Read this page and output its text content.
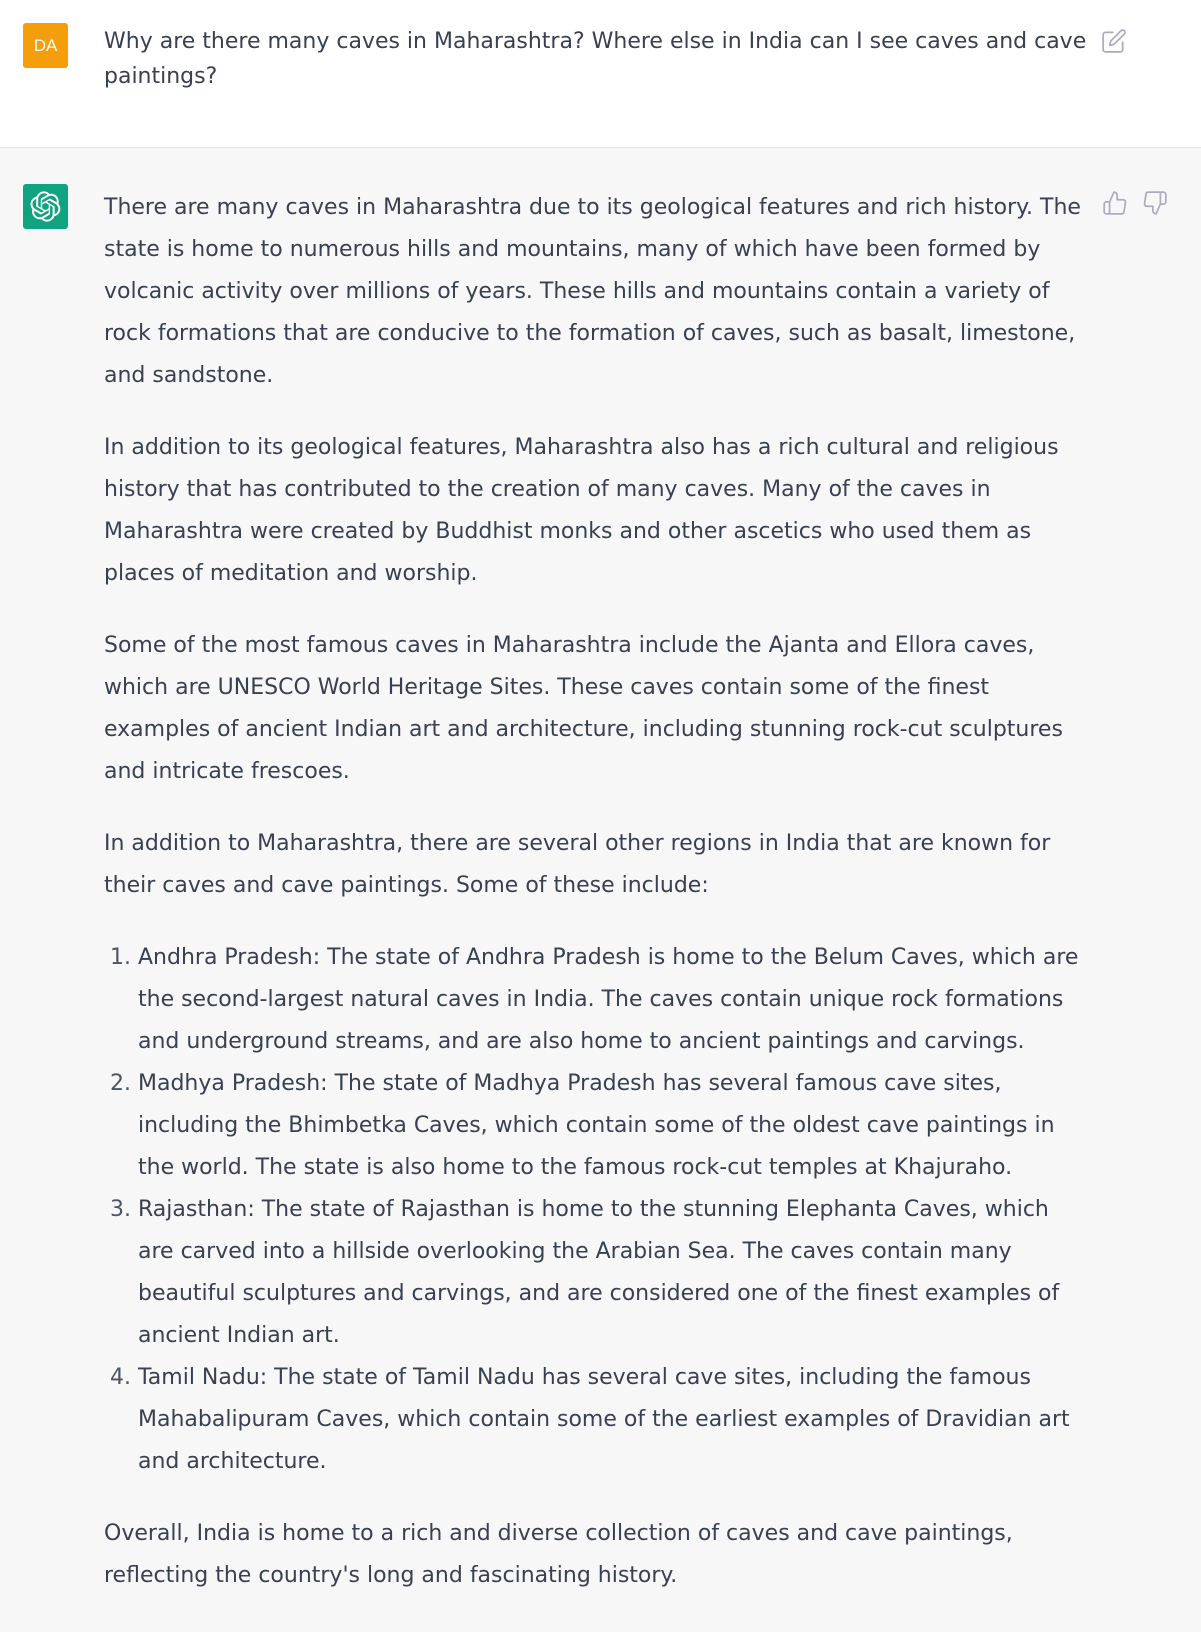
DA	Why are there many caves in Maharashtra? Where else in India can I see caves and cave paintings?

There are many caves in Maharashtra due to its geological features and rich history. The state is home to numerous hills and mountains, many of which have been formed by volcanic activity over millions of years. These hills and mountains contain a variety of rock formations that are conducive to the formation of caves, such as basalt, limestone, and sandstone.

In addition to its geological features, Maharashtra also has a rich cultural and religious history that has contributed to the creation of many caves. Many of the caves in Maharashtra were created by Buddhist monks and other ascetics who used them as places of meditation and worship.

Some of the most famous caves in Maharashtra include the Ajanta and Ellora caves, which are UNESCO World Heritage Sites. These caves contain some of the finest examples of ancient Indian art and architecture, including stunning rock-cut sculptures and intricate frescoes.

In addition to Maharashtra, there are several other regions in India that are known for their caves and cave paintings. Some of these include:

1. Andhra Pradesh: The state of Andhra Pradesh is home to the Belum Caves, which are the second-largest natural caves in India. The caves contain unique rock formations and underground streams, and are also home to ancient paintings and carvings.
2. Madhya Pradesh: The state of Madhya Pradesh has several famous cave sites, including the Bhimbetka Caves, which contain some of the oldest cave paintings in the world. The state is also home to the famous rock-cut temples at Khajuraho.
3. Rajasthan: The state of Rajasthan is home to the stunning Elephanta Caves, which are carved into a hillside overlooking the Arabian Sea. The caves contain many beautiful sculptures and carvings, and are considered one of the finest examples of ancient Indian art.
4. Tamil Nadu: The state of Tamil Nadu has several cave sites, including the famous Mahabalipuram Caves, which contain some of the earliest examples of Dravidian art and architecture.

Overall, India is home to a rich and diverse collection of caves and cave paintings, reflecting the country's long and fascinating history.
